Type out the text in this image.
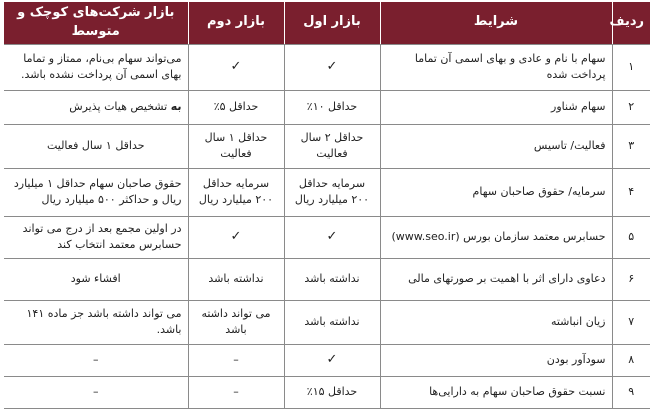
ردیف	شرایط	بازار اول	بازار دوم	بازار شرکت‌های کوچک و متوسط
۱	سهام با نام و عادی و بهای اسمی آن تماما پرداخت شده	✓	✓	می‌تواند سهام بی‌نام، ممتاز و تماما بهای اسمی آن پرداخت نشده باشد.
۲	سهام شناور	حداقل ۱۰٪	حداقل ۵٪	به تشخیص هیات پذیرش
۳	فعالیت/ تاسیس	حداقل ۲ سال فعالیت	حداقل ۱ سال فعالیت	حداقل ۱ سال فعالیت
۴	سرمایه/ حقوق صاحبان سهام	سرمایه حداقل ۲۰۰ میلیارد ریال	سرمایه حداقل ۲۰۰ میلیارد ریال	حقوق صاحبان سهام حداقل ۱ میلیارد ریال و حداکثر ۵۰۰ میلیارد ریال
۵	حسابرس معتمد سازمان بورس (www.seo.ir)	✓	✓	در اولین مجمع بعد از درج می تواند حسابرس معتمد انتخاب کند
۶	دعاوی دارای اثر با اهمیت بر صورتهای مالی	نداشته باشد	نداشته باشد	افشاء شود
۷	زیان انباشته	نداشته باشد	می تواند داشته باشد	می تواند داشته باشد جز ماده ۱۴۱ باشد.
۸	سودآور بودن	✓	–	–
۹	نسبت حقوق صاحبان سهام به دارایی‌ها	حداقل ۱۵٪	–	–
